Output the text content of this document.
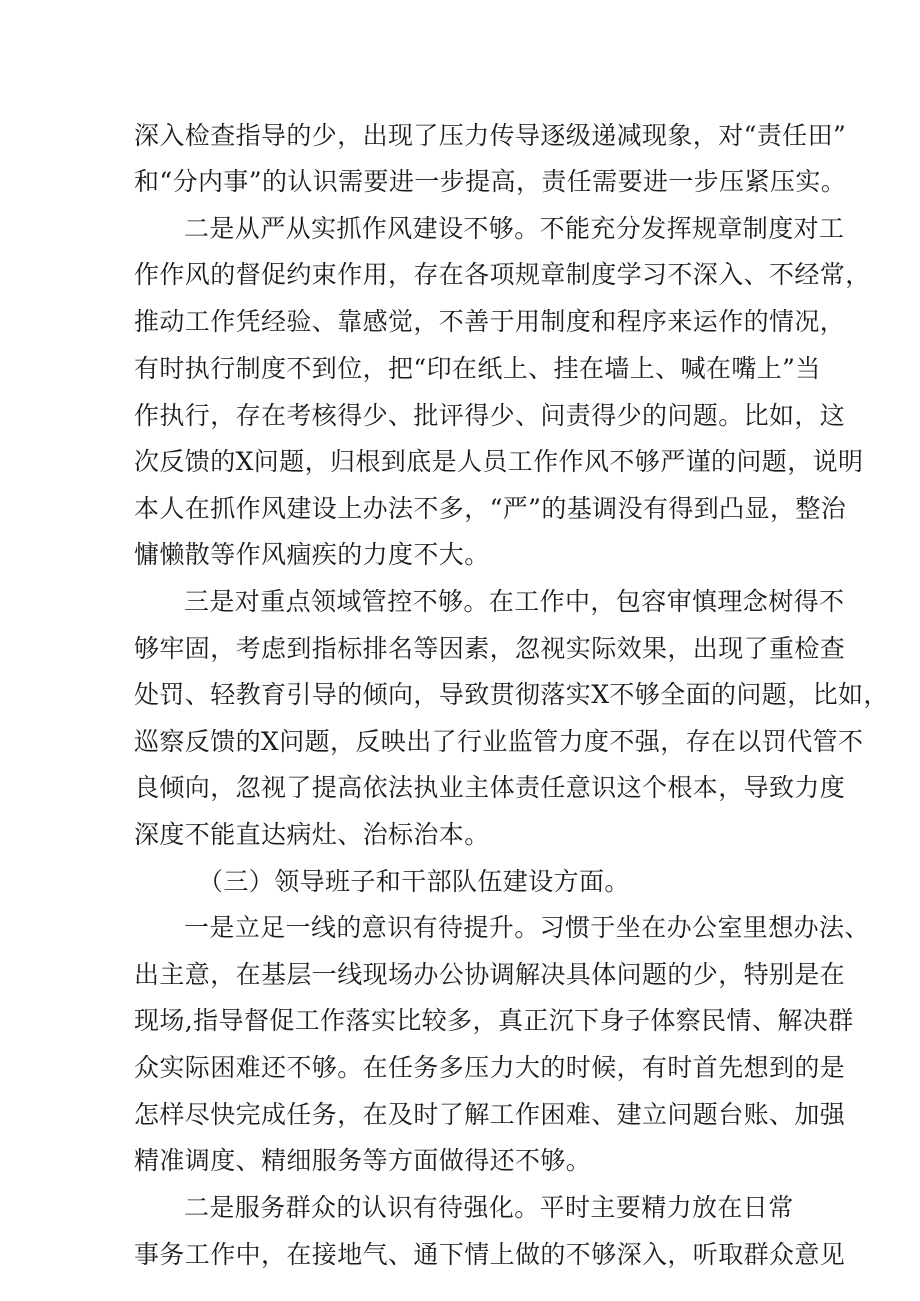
深入检查指导的少，出现了压力传导逐级递减现象，对“责任田”
和“分内事”的认识需要进一步提高，责任需要进一步压紧压实。
二是从严从实抓作风建设不够。不能充分发挥规章制度对工
作作风的督促约束作用，存在各项规章制度学习不深入、不经常，
推动工作凭经验、靠感觉，不善于用制度和程序来运作的情况，
有时执行制度不到位，把“印在纸上、挂在墙上、喊在嘴上”当
作执行，存在考核得少、批评得少、问责得少的问题。比如，这
次反馈的X问题，归根到底是人员工作作风不够严谨的问题，说明
本人在抓作风建设上办法不多，“严”的基调没有得到凸显，整治
慵懒散等作风痼疾的力度不大。
三是对重点领域管控不够。在工作中，包容审慎理念树得不
够牢固，考虑到指标排名等因素，忽视实际效果，出现了重检查
处罚、轻教育引导的倾向，导致贯彻落实X不够全面的问题，比如，
巡察反馈的X问题，反映出了行业监管力度不强，存在以罚代管不
良倾向，忽视了提高依法执业主体责任意识这个根本，导致力度
深度不能直达病灶、治标治本。
（三）领导班子和干部队伍建设方面。
一是立足一线的意识有待提升。习惯于坐在办公室里想办法、
出主意，在基层一线现场办公协调解决具体问题的少，特别是在
现场,指导督促工作落实比较多，真正沉下身子体察民情、解决群
众实际困难还不够。在任务多压力大的时候，有时首先想到的是
怎样尽快完成任务，在及时了解工作困难、建立问题台账、加强
精准调度、精细服务等方面做得还不够。
二是服务群众的认识有待强化。平时主要精力放在日常
事务工作中，在接地气、通下情上做的不够深入，听取群众意见
